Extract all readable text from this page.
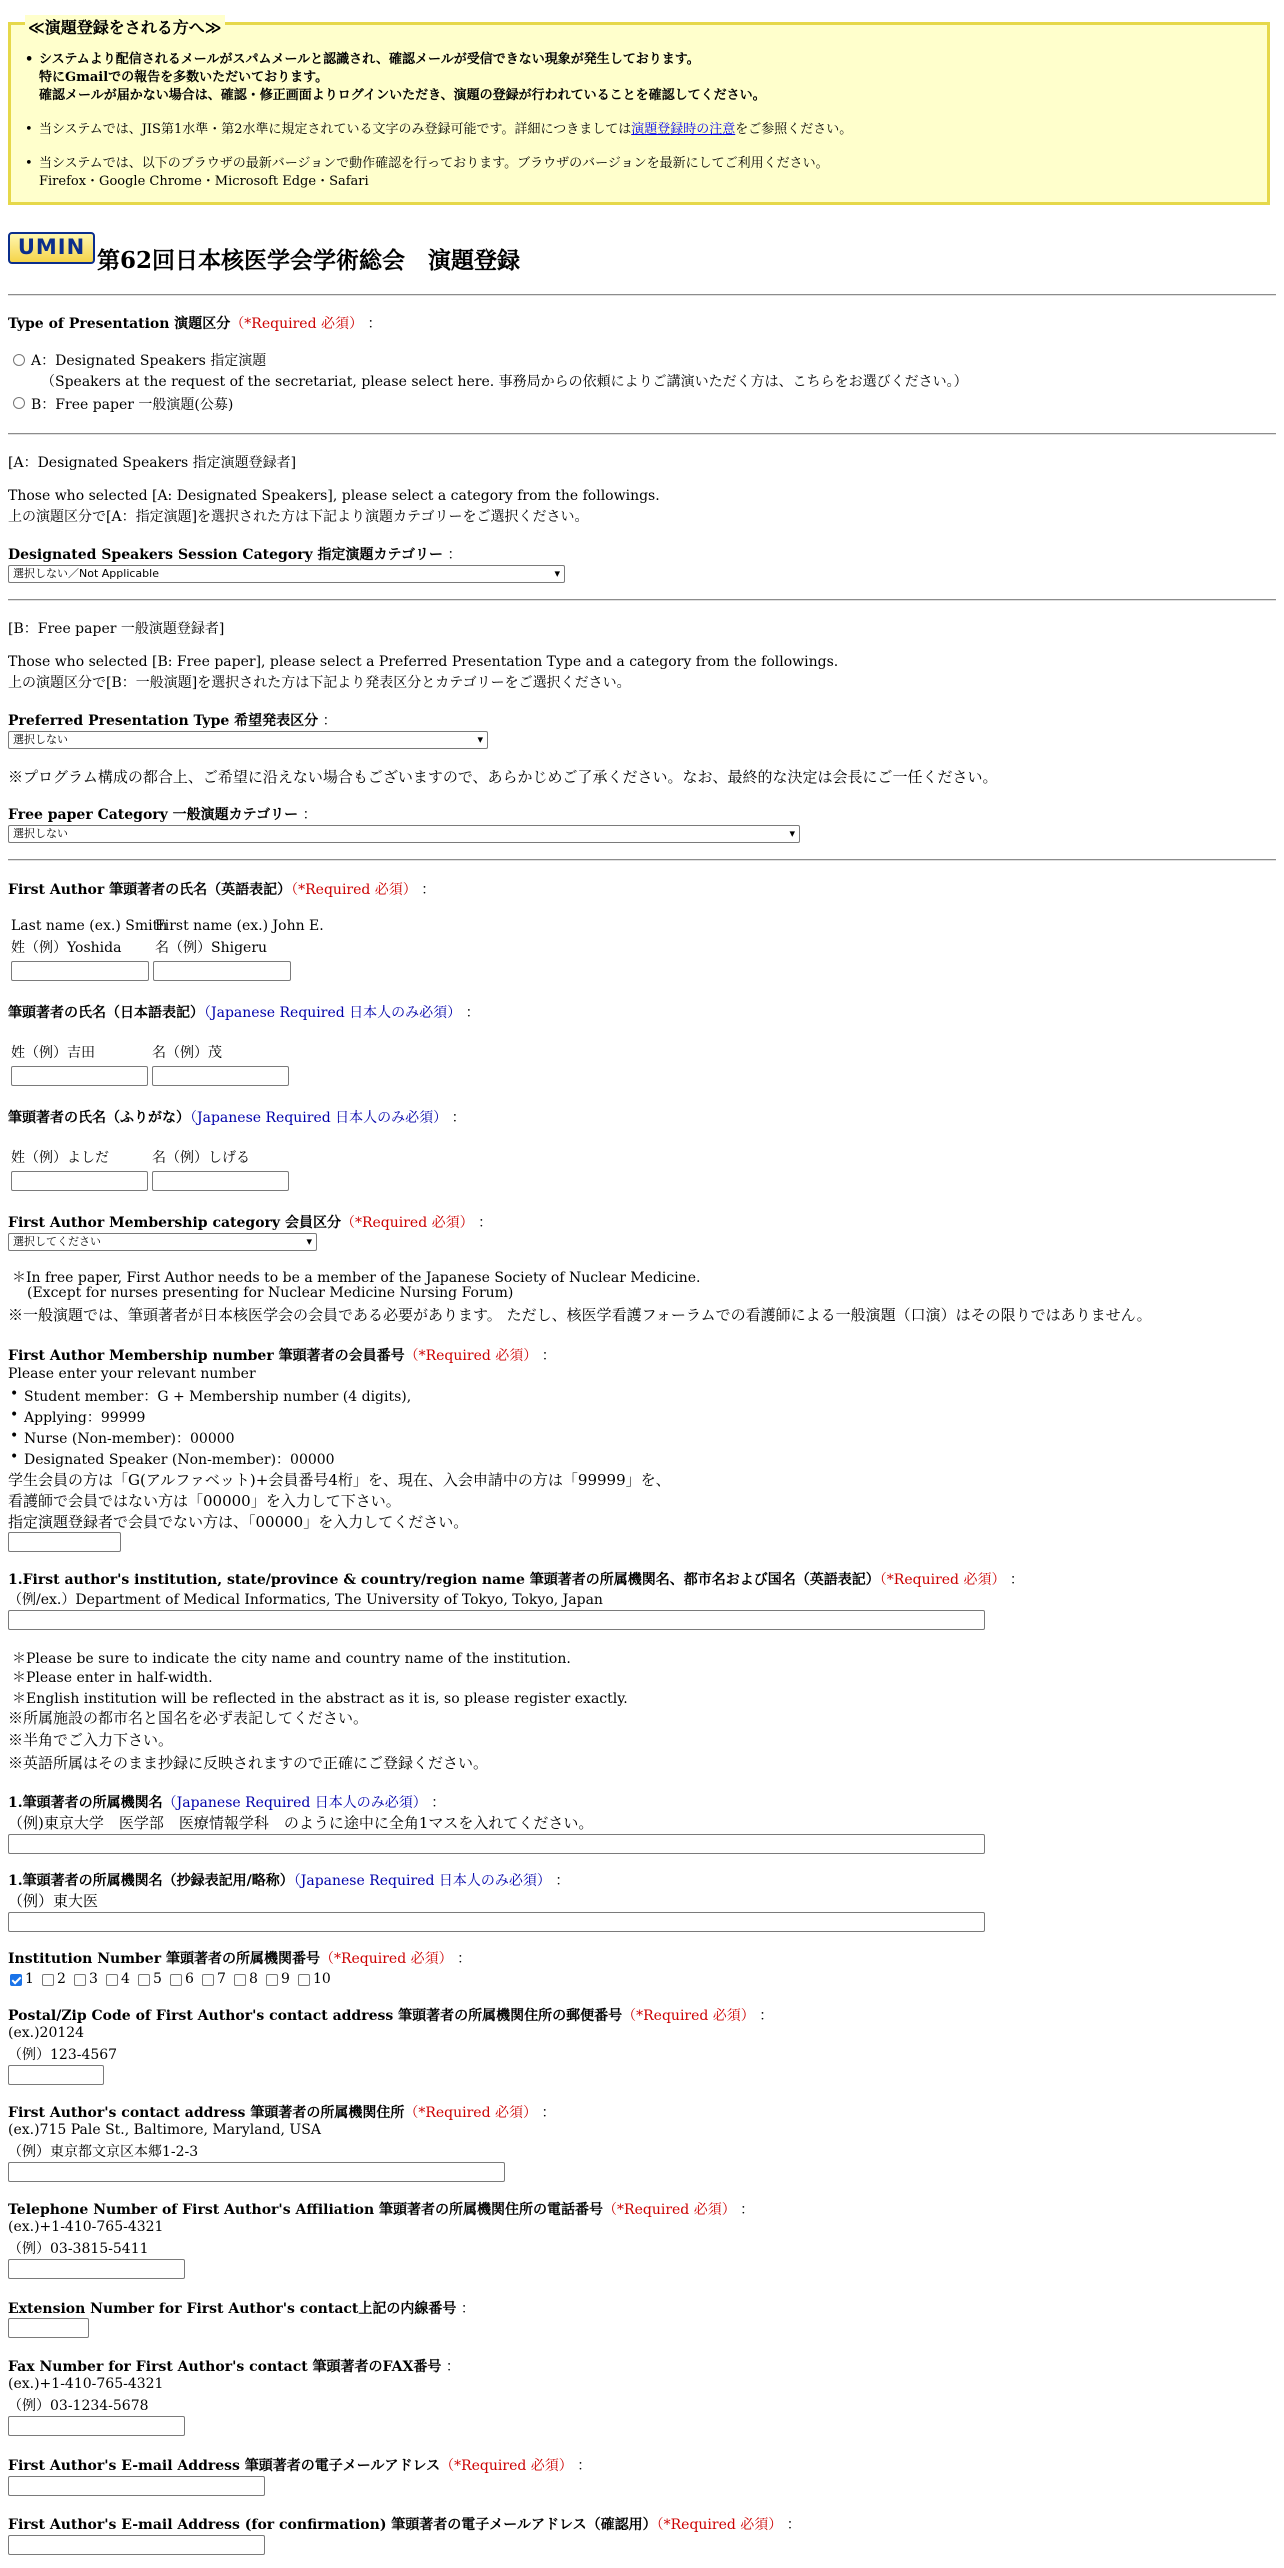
≪演題登録をされる方へ≫
• システムより配信されるメールがスパムメールと認識され、確認メールが受信できない現象が発生しております。
特にGmailでの報告を多数いただいております。
確認メールが届かない場合は、確認・修正画面よりログインいただき、演題の登録が行われていることを確認してください。
• 当システムでは、JIS第1水準・第2水準に規定されている文字のみ登録可能です。詳細につきましては演題登録時の注意をご参照ください。
• 当システムでは、以下のブラウザの最新バージョンで動作確認を行っております。ブラウザのバージョンを最新にしてご利用ください。
Firefox・Google Chrome・Microsoft Edge・Safari
UMIN 第62回日本核医学会学術総会　演題登録
Type of Presentation 演題区分（*Required 必須） ：
A：Designated Speakers 指定演題
（Speakers at the request of the secretariat, please select here. 事務局からの依頼によりご講演いただく方は、こちらをお選びください。）
B：Free paper 一般演題(公募)
[A：Designated Speakers 指定演題登録者]
Those who selected [A: Designated Speakers], please select a category from the followings.
上の演題区分で[A：指定演題]を選択された方は下記より演題カテゴリーをご選択ください。
Designated Speakers Session Category 指定演題カテゴリー ：
選択しない／Not Applicable ▾
[B：Free paper 一般演題登録者]
Those who selected [B: Free paper], please select a Preferred Presentation Type and a category from the followings.
上の演題区分で[B：一般演題]を選択された方は下記より発表区分とカテゴリーをご選択ください。
Preferred Presentation Type 希望発表区分 ：
選択しない ▾
※プログラム構成の都合上、ご希望に沿えない場合もございますので、あらかじめご了承ください。なお、最終的な決定は会長にご一任ください。
Free paper Category 一般演題カテゴリー ：
選択しない ▾
First Author 筆頭著者の氏名（英語表記）（*Required 必須） ：
Last name (ex.) Smith
First name (ex.) John E.
姓（例）Yoshida 名（例）Shigeru
筆頭著者の氏名（日本語表記）（Japanese Required 日本人のみ必須） ：
姓（例）吉田	名（例）茂
筆頭著者の氏名（ふりがな）（Japanese Required 日本人のみ必須） ：
姓（例）よしだ	名（例）しげる
First Author Membership category 会員区分（*Required 必須） ：
選択してください ▾
＊In free paper, First Author needs to be a member of the Japanese Society of Nuclear Medicine.
(Except for nurses presenting for Nuclear Medicine Nursing Forum)
※一般演題では、筆頭著者が日本核医学会の会員である必要があります。 ただし、核医学看護フォーラムでの看護師による一般演題（口演）はその限りではありません。
First Author Membership number 筆頭著者の会員番号（*Required 必須） ：
Please enter your relevant number
• Student member：G + Membership number (4 digits),
• Applying：99999
• Nurse (Non-member)：00000
• Designated Speaker (Non-member)：00000
学生会員の方は「G(アルファベット)+会員番号4桁」を、現在、入会申請中の方は「99999」を、
看護師で会員ではない方は「00000」を入力して下さい。
指定演題登録者で会員でない方は、「00000」を入力してください。
1.First author's institution, state/province & country/region name 筆頭著者の所属機関名、都市名および国名（英語表記）（*Required 必須） ：
（例/ex.）Department of Medical Informatics, The University of Tokyo, Tokyo, Japan
＊Please be sure to indicate the city name and country name of the institution.
＊Please enter in half-width.
＊English institution will be reflected in the abstract as it is, so please register exactly.
※所属施設の都市名と国名を必ず表記してください。
※半角でご入力下さい。
※英語所属はそのまま抄録に反映されますので正確にご登録ください。
1.筆頭著者の所属機関名（Japanese Required 日本人のみ必須） ：
（例)東京大学　医学部　医療情報学科　のように途中に全角1マスを入れてください。
1.筆頭著者の所属機関名（抄録表記用/略称）（Japanese Required 日本人のみ必須） ：
（例）東大医
Institution Number 筆頭著者の所属機関番号（*Required 必須） ：
1 2 3 4 5 6 7 8 9 10
Postal/Zip Code of First Author's contact address 筆頭著者の所属機関住所の郵便番号（*Required 必須） ：
(ex.)20124
（例）123-4567
First Author's contact address 筆頭著者の所属機関住所（*Required 必須） ：
(ex.)715 Pale St., Baltimore, Maryland, USA
（例）東京都文京区本郷1-2-3
Telephone Number of First Author's Affiliation 筆頭著者の所属機関住所の電話番号（*Required 必須） ：
(ex.)+1-410-765-4321
（例）03-3815-5411
Extension Number for First Author's contact上記の内線番号 ：
Fax Number for First Author's contact 筆頭著者のFAX番号 ：
(ex.)+1-410-765-4321
（例）03-1234-5678
First Author's E-mail Address 筆頭著者の電子メールアドレス（*Required 必須） ：
First Author's E-mail Address (for confirmation) 筆頭著者の電子メールアドレス（確認用）（*Required 必須） ：
